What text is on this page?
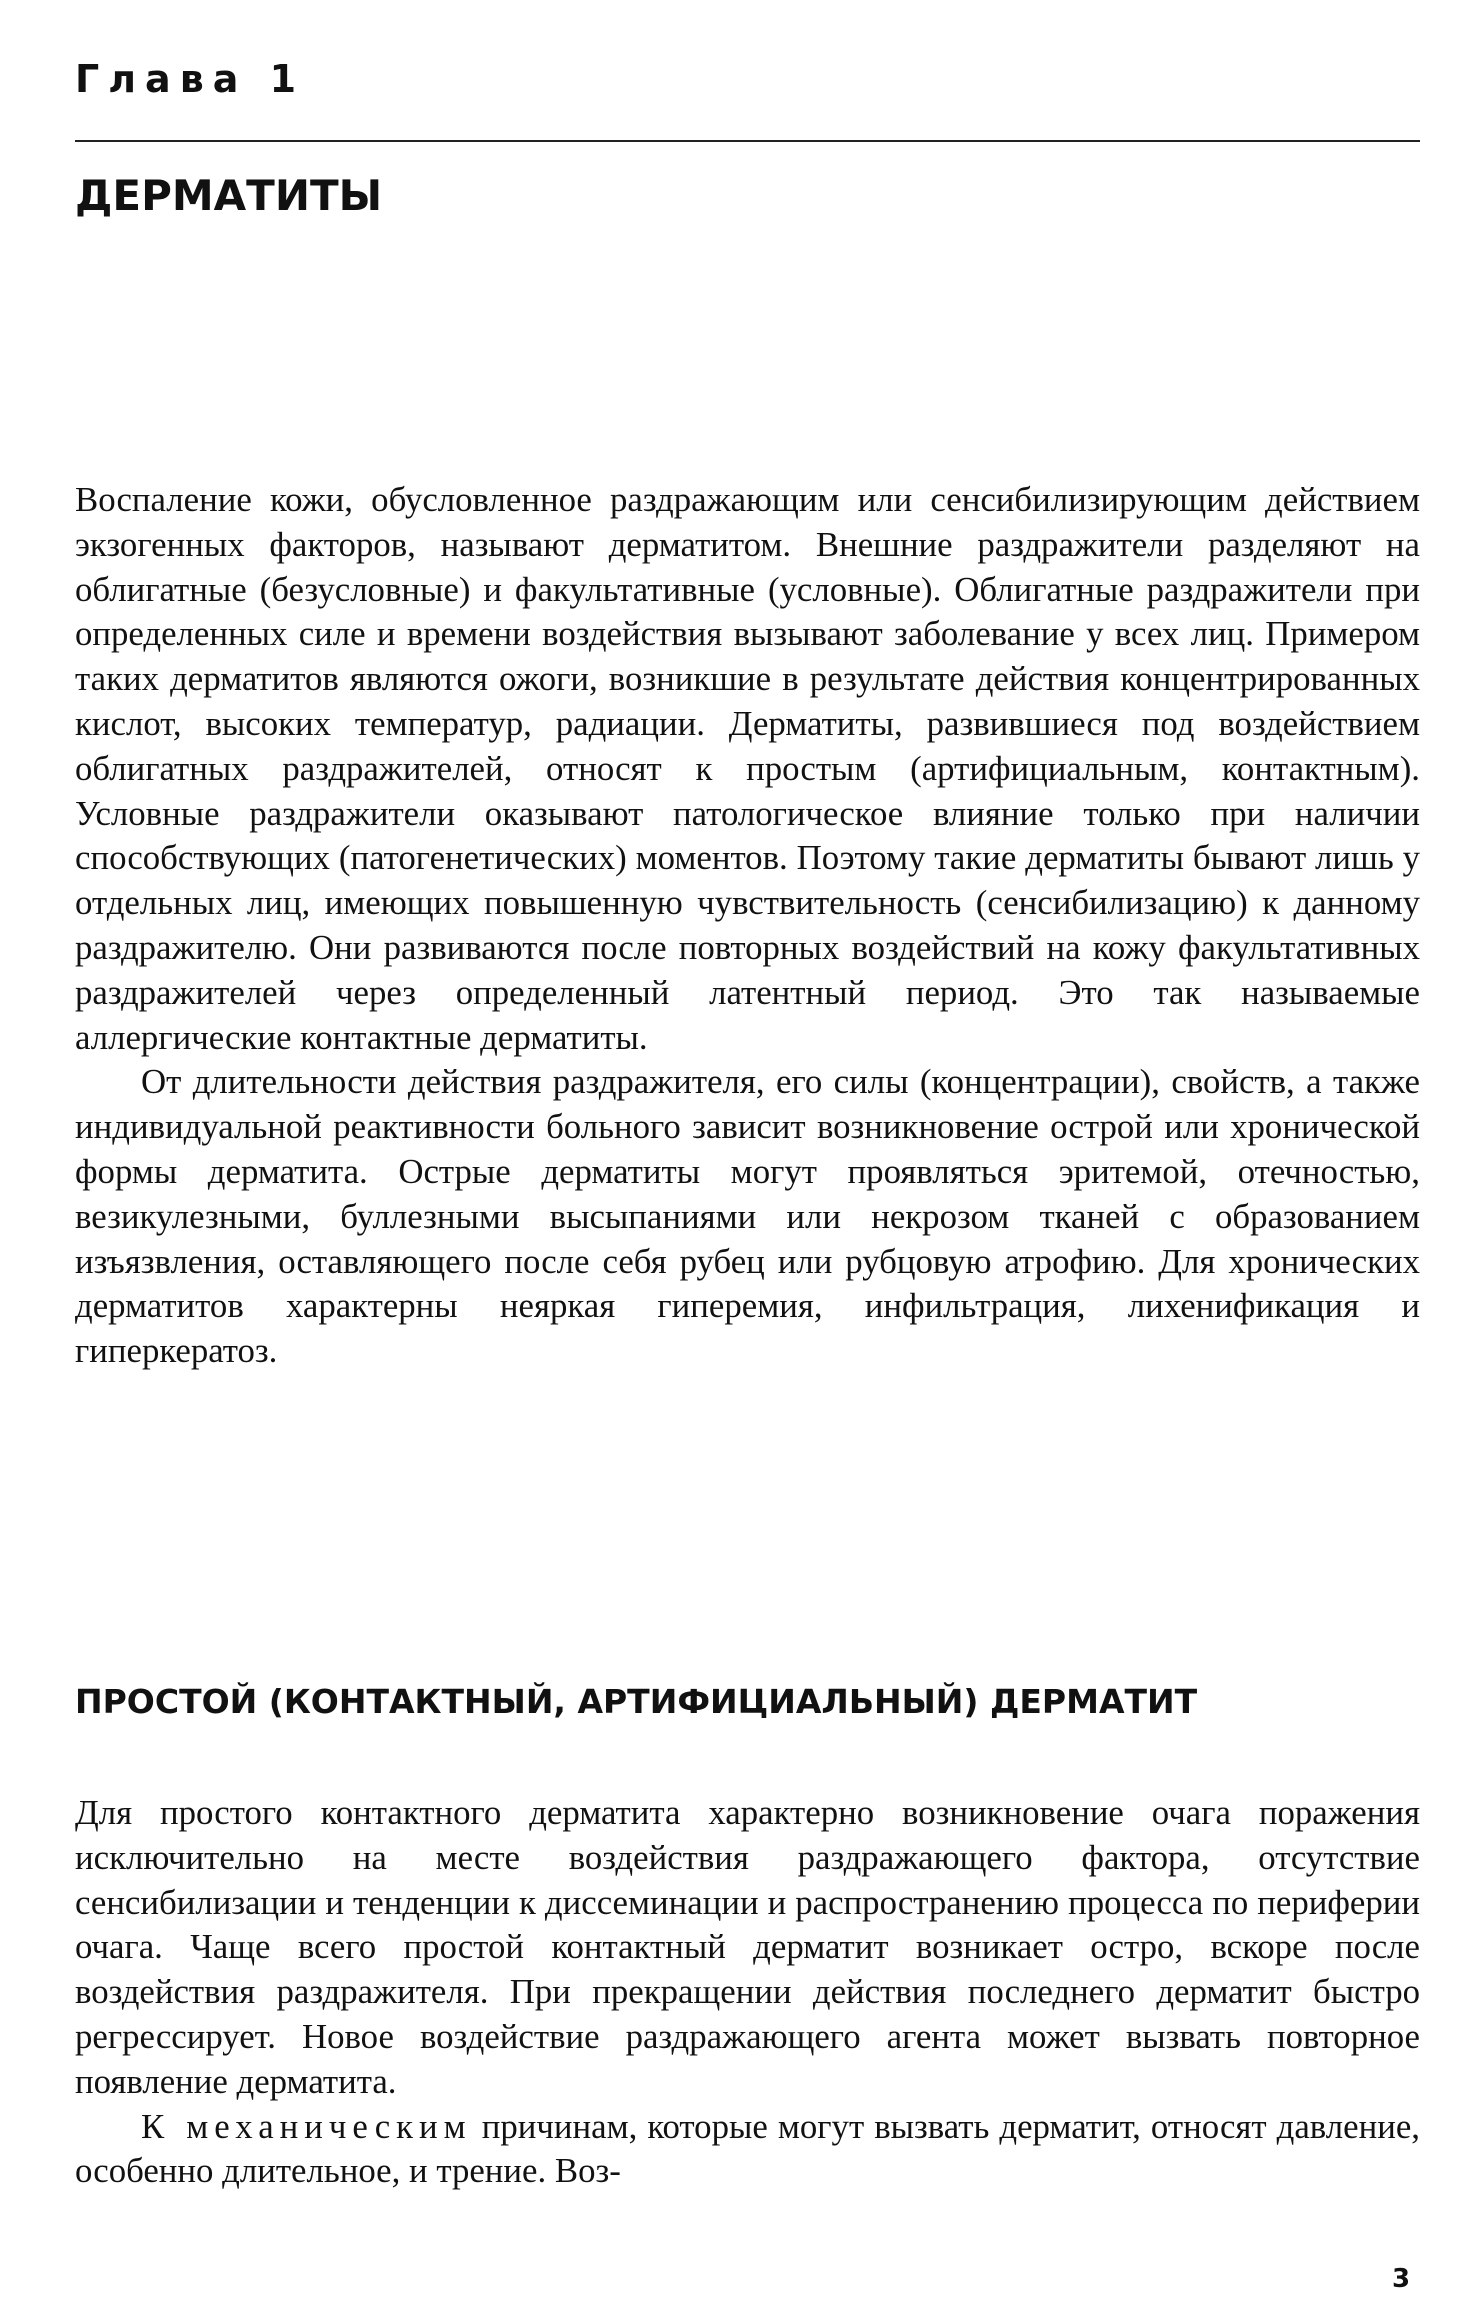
Глава 1
ДЕРМАТИТЫ

Воспаление кожи, обусловленное раздражающим или сенсибилизирующим действием экзогенных факторов, называют дерматитом. Внешние раздражители разделяют на облигатные (безусловные) и факультативные (условные). Облигатные раздражители при определенных силе и времени воздействия вызывают заболевание у всех лиц. Примером таких дерматитов являются ожоги, возникшие в результате действия концентрированных кислот, высоких температур, радиации. Дерматиты, развившиеся под воздействием облигатных раздражителей, относят к простым (артифициальным, контактным). Условные раздражители оказывают патологическое влияние только при наличии способствующих (патогенетических) моментов. Поэтому такие дерматиты бывают лишь у отдельных лиц, имеющих повышенную чувствительность (сенсибилизацию) к данному раздражителю. Они развиваются после повторных воздействий на кожу факультативных раздражителей через определенный латентный период. Это так называемые аллергические контактные дерматиты.

От длительности действия раздражителя, его силы (концентрации), свойств, а также индивидуальной реактивности больного зависит возникновение острой или хронической формы дерматита. Острые дерматиты могут проявляться эритемой, отечностью, везикулезными, буллезными высыпаниями или некрозом тканей с образованием изъязвления, оставляющего после себя рубец или рубцовую атрофию. Для хронических дерматитов характерны неяркая гиперемия, инфильтрация, лихенификация и гиперкератоз.

ПРОСТОЙ (КОНТАКТНЫЙ, АРТИФИЦИАЛЬНЫЙ) ДЕРМАТИТ

Для простого контактного дерматита характерно возникновение очага поражения исключительно на месте воздействия раздражающего фактора, отсутствие сенсибилизации и тенденции к диссеминации и распространению процесса по периферии очага. Чаще всего простой контактный дерматит возникает остро, вскоре после воздействия раздражителя. При прекращении действия последнего дерматит быстро регрессирует. Новое воздействие раздражающего агента может вызвать повторное появление дерматита.

К механическим причинам, которые могут вызвать дерматит, относят давление, особенно длительное, и трение. Воз-

3
